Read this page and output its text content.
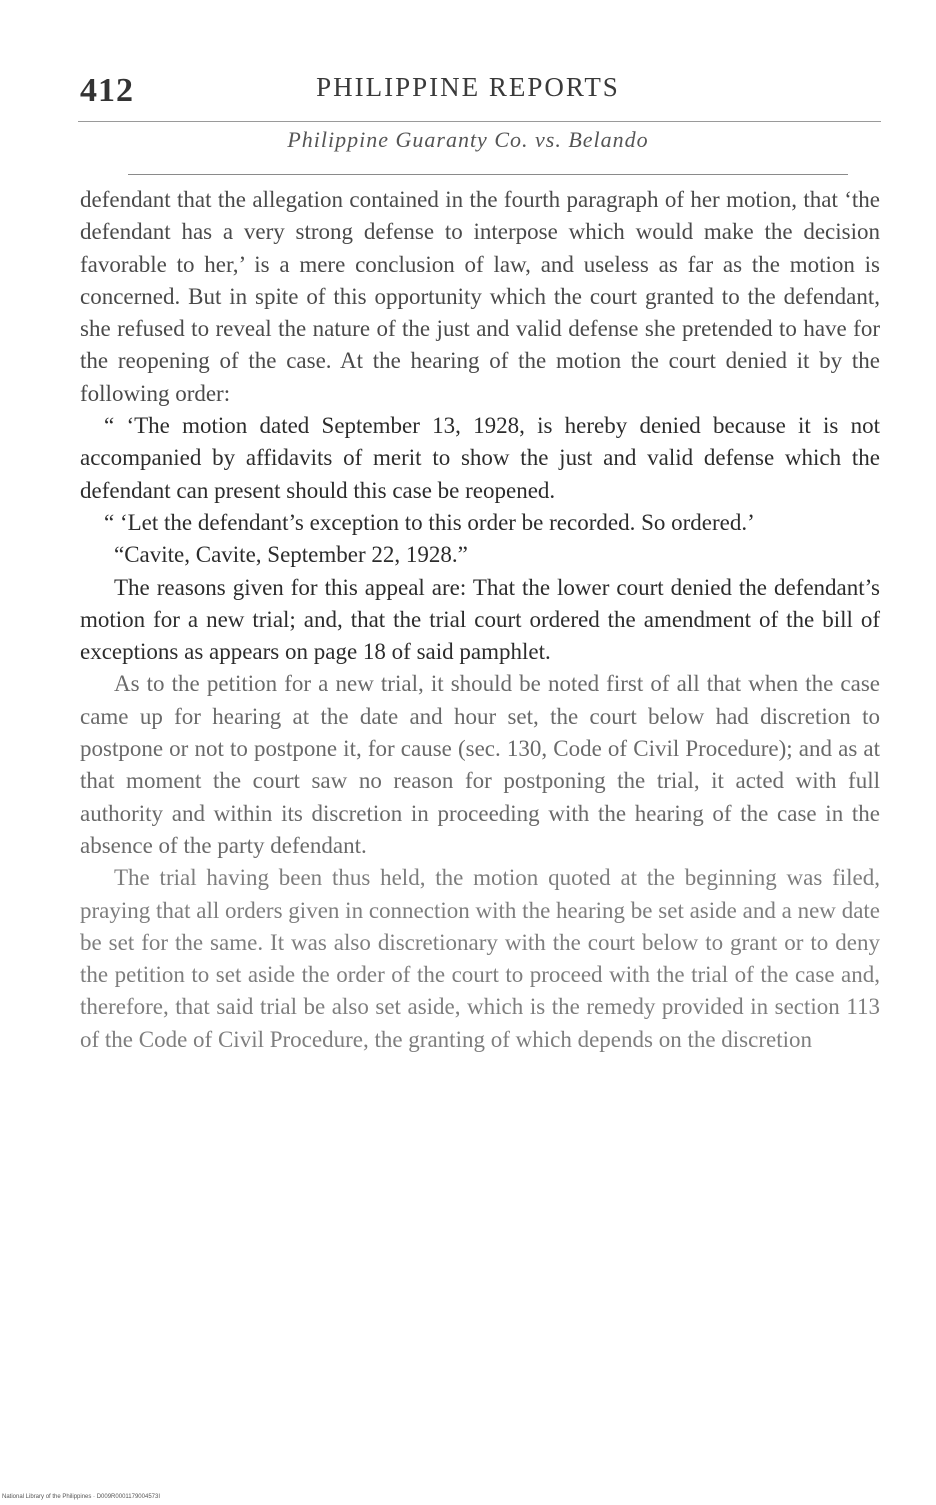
412	PHILIPPINE REPORTS
Philippine Guaranty Co. vs. Belando

defendant that the allegation contained in the fourth paragraph of her motion, that ‘the defendant has a very strong defense to interpose which would make the decision favorable to her,’ is a mere conclusion of law, and useless as far as the motion is concerned. But in spite of this opportunity which the court granted to the defendant, she refused to reveal the nature of the just and valid defense she pretended to have for the reopening of the case. At the hearing of the motion the court denied it by the following order:

“ ‘The motion dated September 13, 1928, is hereby denied because it is not accompanied by affidavits of merit to show the just and valid defense which the defendant can present should this case be reopened.

“ ‘Let the defendant’s exception to this order be recorded. So ordered.’

“Cavite, Cavite, September 22, 1928.”

The reasons given for this appeal are: That the lower court denied the defendant’s motion for a new trial; and, that the trial court ordered the amendment of the bill of exceptions as appears on page 18 of said pamphlet.

As to the petition for a new trial, it should be noted first of all that when the case came up for hearing at the date and hour set, the court below had discretion to postpone or not to postpone it, for cause (sec. 130, Code of Civil Procedure); and as at that moment the court saw no reason for postponing the trial, it acted with full authority and within its discretion in proceeding with the hearing of the case in the absence of the party defendant.

The trial having been thus held, the motion quoted at the beginning was filed, praying that all orders given in connection with the hearing be set aside and a new date be set for the same. It was also discretionary with the court below to grant or to deny the petition to set aside the order of the court to proceed with the trial of the case and, therefore, that said trial be also set aside, which is the remedy provided in section 113 of the Code of Civil Procedure, the granting of which depends on the discretion

National Library of the Philippines · D009R0001179004573I
